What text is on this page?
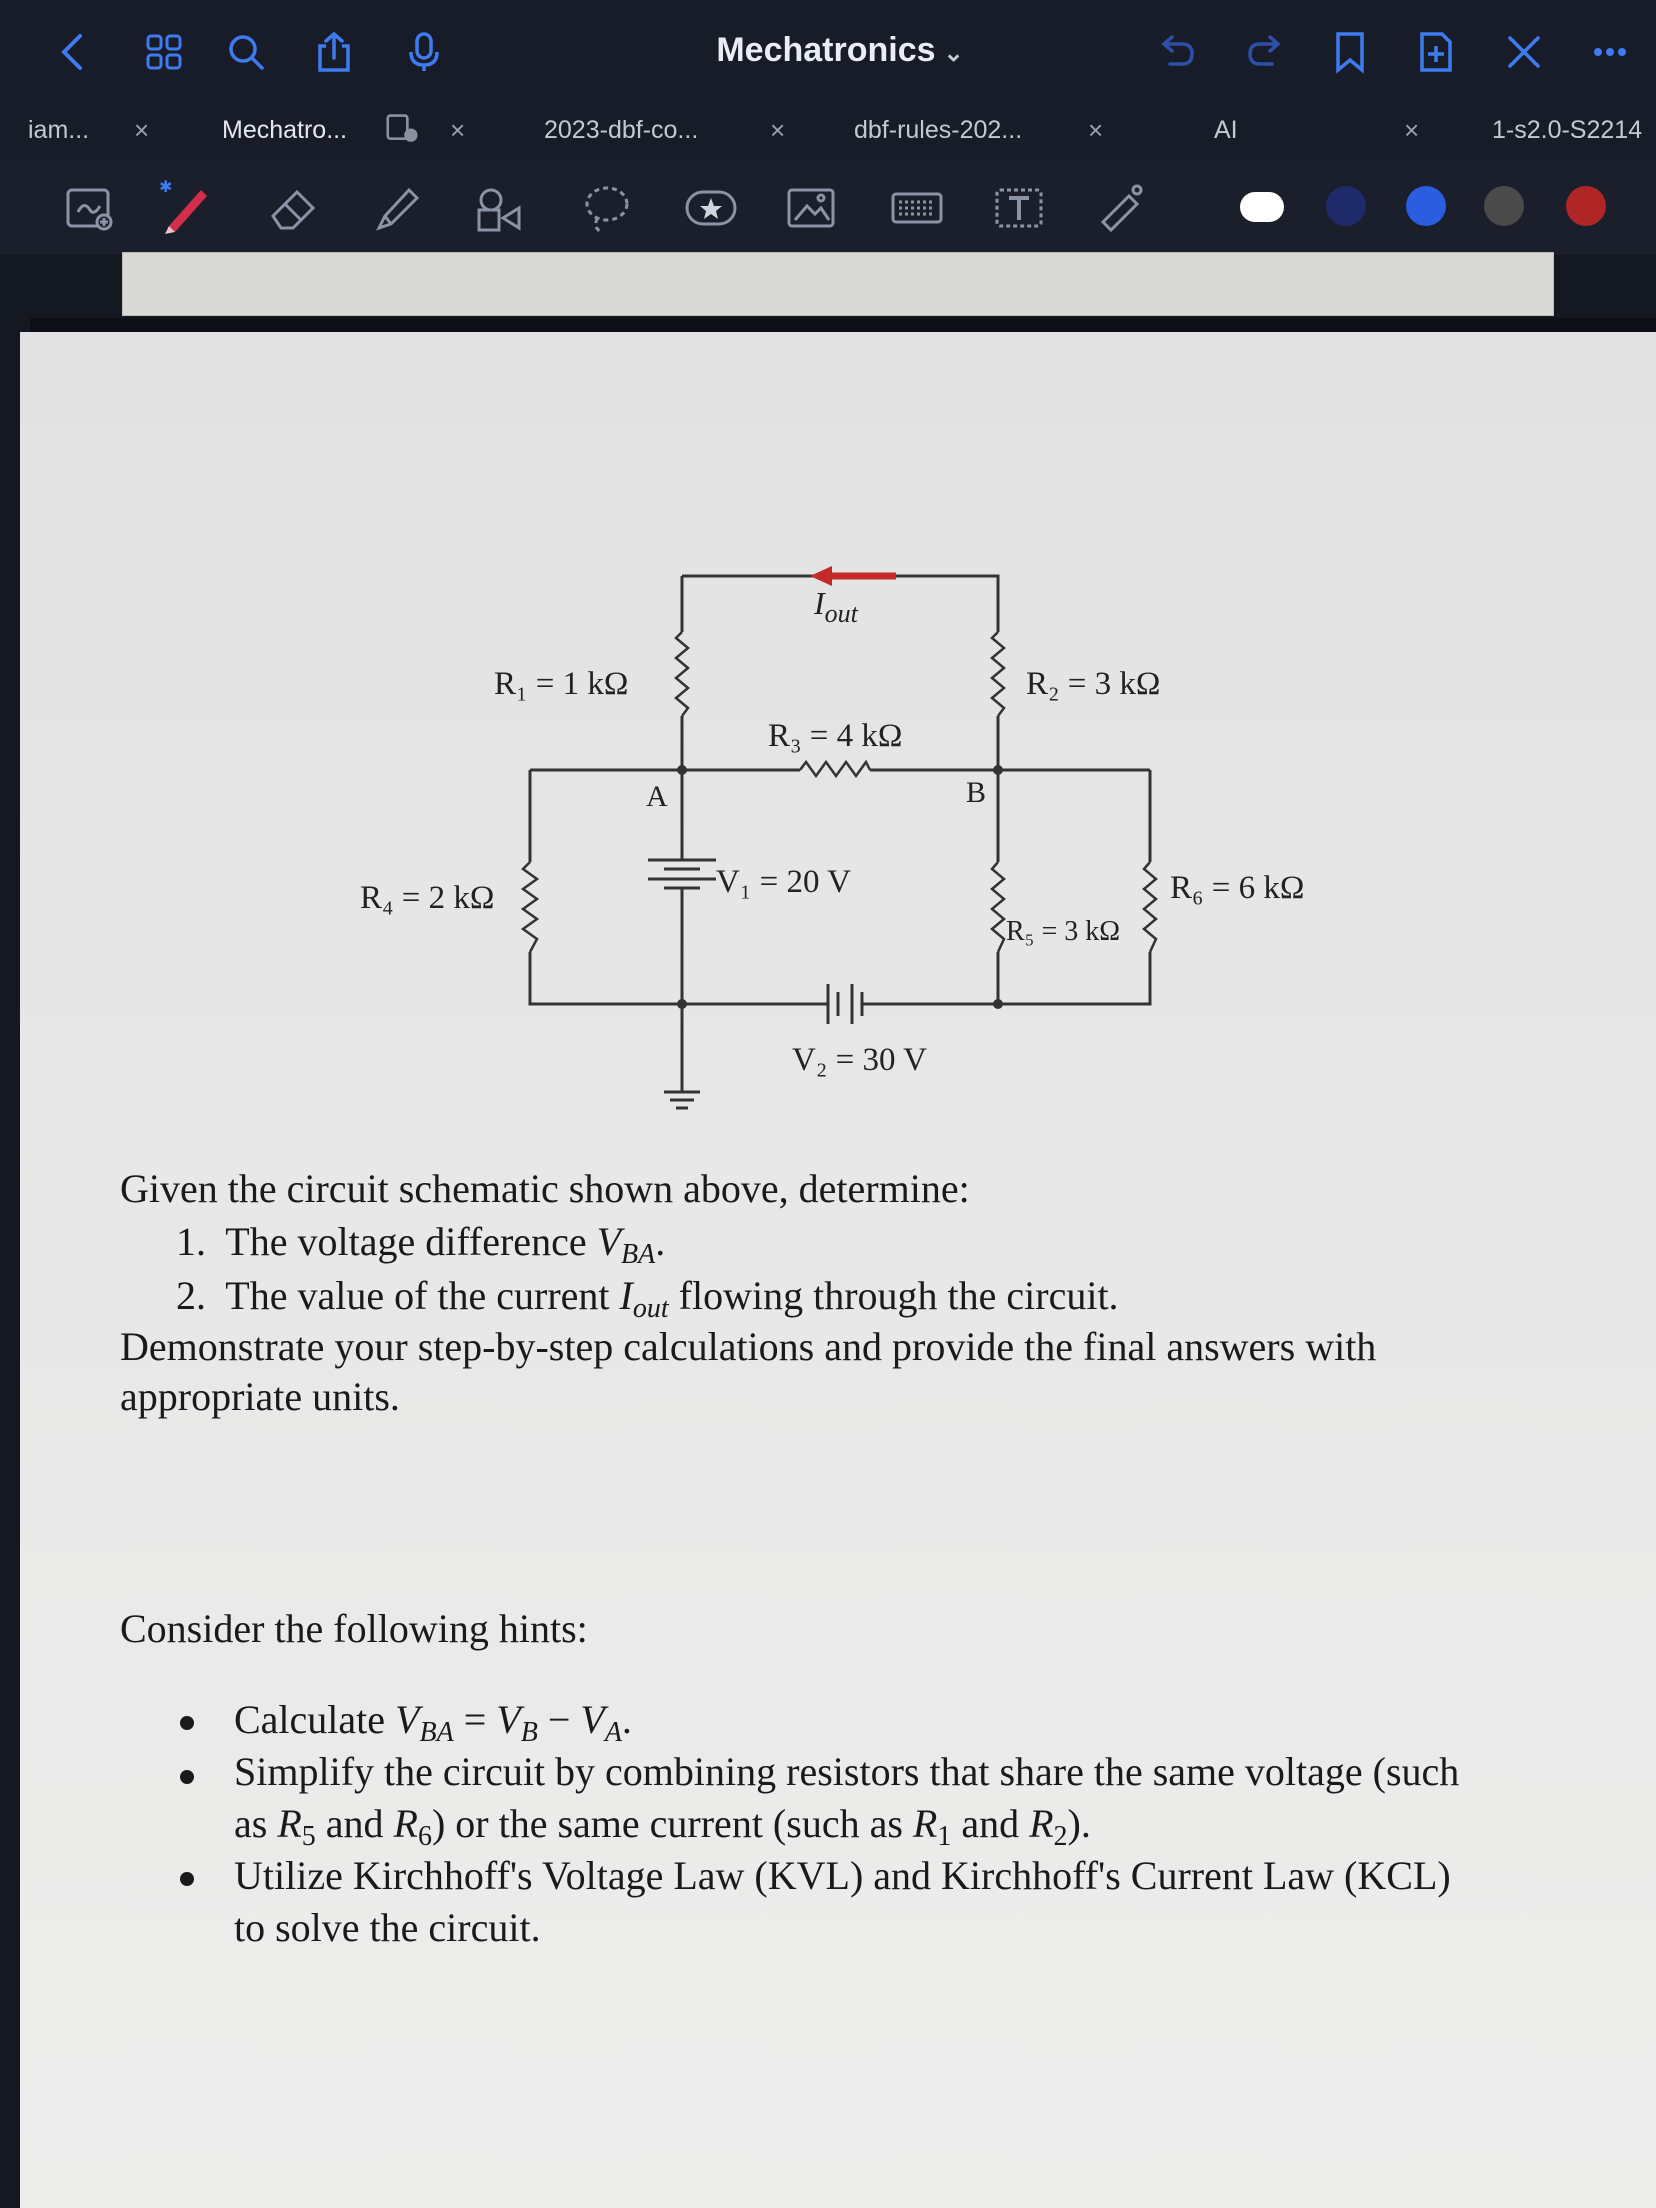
Mechatronics ⌄
iam... ×	Mechatro...	×	2023-dbf-co...	×	dbf-rules-202...	×	AI	×	1-s2.0-S2214
✱
R₁ = 1 kΩ	R₂ = 3 kΩ
R₃ = 4 kΩ
R₄ = 2 kΩ
R₅ = 3 kΩ
R₆ = 6 kΩ
V₁ = 20 V
V₂ = 30 V
A	B
$I_{out}$
Given the circuit schematic shown above, determine:
1. The voltage difference $V_{BA}$.
2. The value of the current $I_{out}$ flowing through the circuit.
Demonstrate your step-by-step calculations and provide the final answers with
appropriate units.
Consider the following hints:
Calculate $V_{BA} = V_B - V_A$.
Simplify the circuit by combining resistors that share the same voltage (such
as $R_5$ and $R_6$) or the same current (such as $R_1$ and $R_2$).
Utilize Kirchhoff's Voltage Law (KVL) and Kirchhoff's Current Law (KCL)
to solve the circuit.
